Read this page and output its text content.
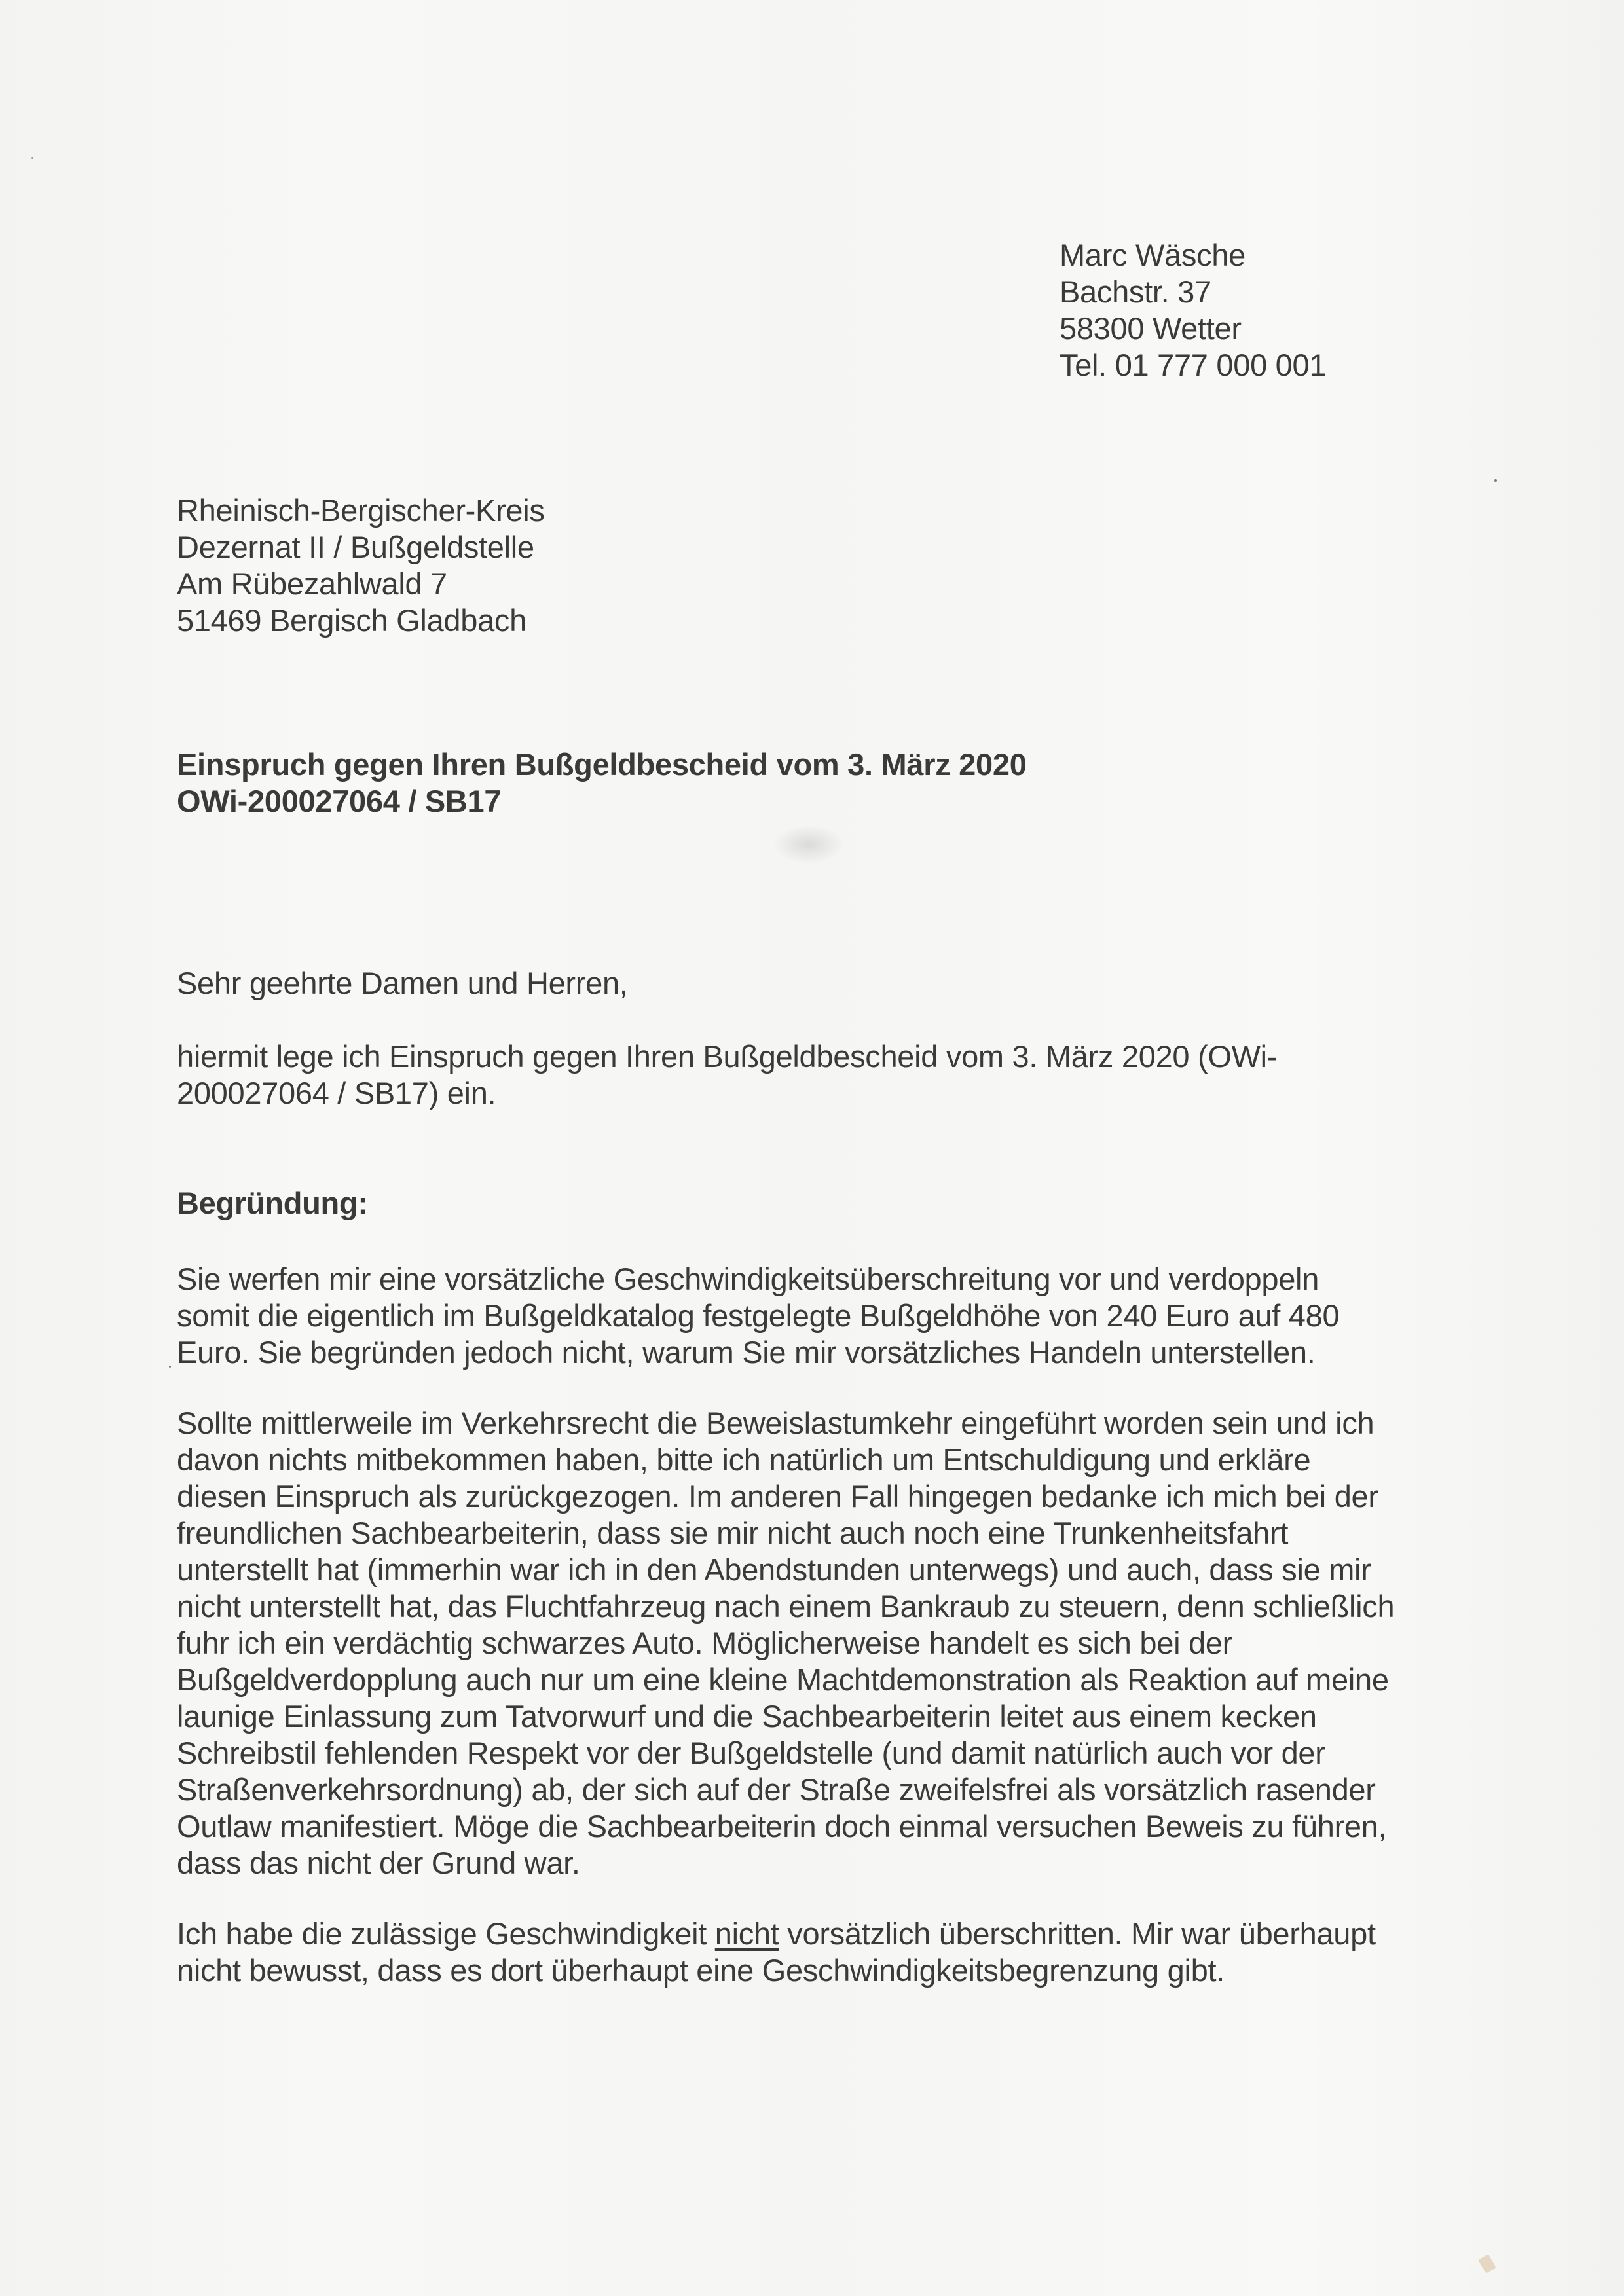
Marc Wäsche
Bachstr. 37
58300 Wetter
Tel. 01 777 000 001
Rheinisch-Bergischer-Kreis
Dezernat II / Bußgeldstelle
Am Rübezahlwald 7
51469 Bergisch Gladbach
Einspruch gegen Ihren Bußgeldbescheid vom 3. März 2020
OWi-200027064 / SB17
Sehr geehrte Damen und Herren,
hiermit lege ich Einspruch gegen Ihren Bußgeldbescheid vom 3. März 2020 (OWi-
200027064 / SB17) ein.
Begründung:
Sie werfen mir eine vorsätzliche Geschwindigkeitsüberschreitung vor und verdoppeln
somit die eigentlich im Bußgeldkatalog festgelegte Bußgeldhöhe von 240 Euro auf 480
Euro. Sie begründen jedoch nicht, warum Sie mir vorsätzliches Handeln unterstellen.
Sollte mittlerweile im Verkehrsrecht die Beweislastumkehr eingeführt worden sein und ich
davon nichts mitbekommen haben, bitte ich natürlich um Entschuldigung und erkläre
diesen Einspruch als zurückgezogen. Im anderen Fall hingegen bedanke ich mich bei der
freundlichen Sachbearbeiterin, dass sie mir nicht auch noch eine Trunkenheitsfahrt
unterstellt hat (immerhin war ich in den Abendstunden unterwegs) und auch, dass sie mir
nicht unterstellt hat, das Fluchtfahrzeug nach einem Bankraub zu steuern, denn schließlich
fuhr ich ein verdächtig schwarzes Auto. Möglicherweise handelt es sich bei der
Bußgeldverdopplung auch nur um eine kleine Machtdemonstration als Reaktion auf meine
launige Einlassung zum Tatvorwurf und die Sachbearbeiterin leitet aus einem kecken
Schreibstil fehlenden Respekt vor der Bußgeldstelle (und damit natürlich auch vor der
Straßenverkehrsordnung) ab, der sich auf der Straße zweifelsfrei als vorsätzlich rasender
Outlaw manifestiert. Möge die Sachbearbeiterin doch einmal versuchen Beweis zu führen,
dass das nicht der Grund war.
Ich habe die zulässige Geschwindigkeit nicht vorsätzlich überschritten. Mir war überhaupt
nicht bewusst, dass es dort überhaupt eine Geschwindigkeitsbegrenzung gibt.
